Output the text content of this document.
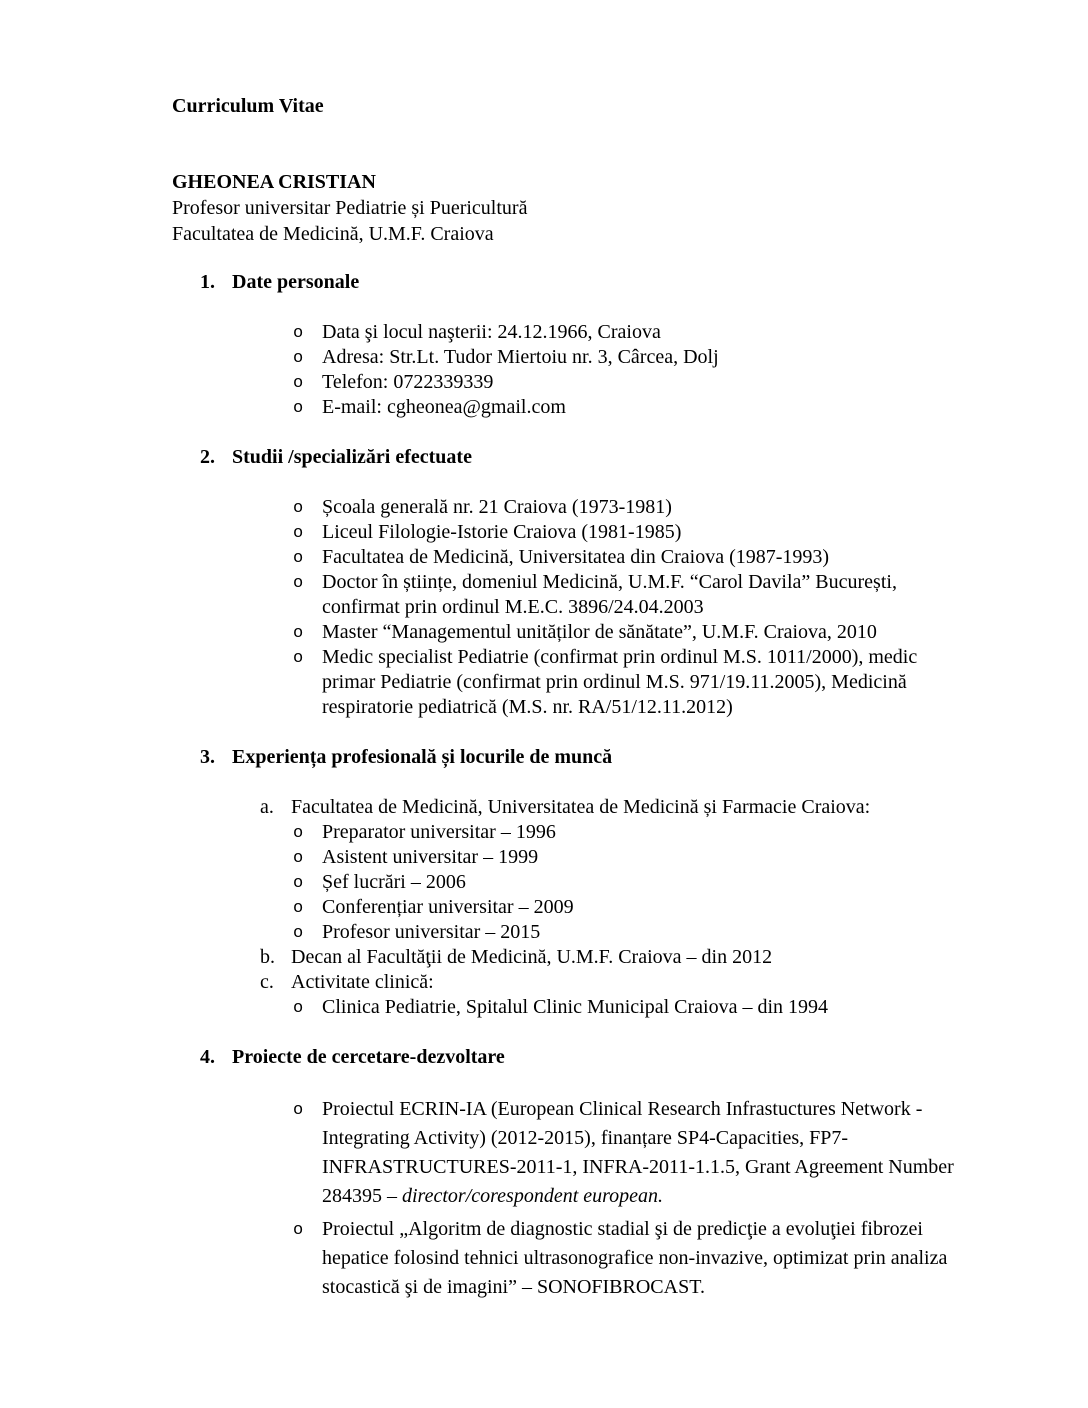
Curriculum Vitae

GHEONEA CRISTIAN

Profesor universitar Pediatrie și Puericultură

Facultatea de Medicină, U.M.F. Craiova

1. Date personale
o Data şi locul naşterii: 24.12.1966, Craiova
o Adresa: Str.Lt. Tudor Miertoiu nr. 3, Cârcea, Dolj
o Telefon: 0722339339
o E-mail: cgheonea@gmail.com
2. Studii /specializări efectuate
o Școala generală nr. 21 Craiova (1973-1981)
o Liceul Filologie-Istorie Craiova (1981-1985)
o Facultatea de Medicină, Universitatea din Craiova (1987-1993)
o Doctor în științe, domeniul Medicină, U.M.F. “Carol Davila” București, confirmat prin ordinul M.E.C. 3896/24.04.2003
o Master “Managementul unităților de sănătate”, U.M.F. Craiova, 2010
o Medic specialist Pediatrie (confirmat prin ordinul M.S. 1011/2000), medic primar Pediatrie (confirmat prin ordinul M.S. 971/19.11.2005), Medicină respiratorie pediatrică (M.S. nr. RA/51/12.11.2012)
3. Experiența profesională și locurile de muncă
a. Facultatea de Medicină, Universitatea de Medicină și Farmacie Craiova:
o Preparator universitar – 1996
o Asistent universitar – 1999
o Șef lucrări – 2006
o Conferențiar universitar – 2009
o Profesor universitar – 2015
b. Decan al Facultăţii de Medicină, U.M.F. Craiova – din 2012
c. Activitate clinică:
o Clinica Pediatrie, Spitalul Clinic Municipal Craiova – din 1994
4. Proiecte de cercetare-dezvoltare
o Proiectul ECRIN-IA (European Clinical Research Infrastuctures Network - Integrating Activity) (2012-2015), finanțare SP4-Capacities, FP7-INFRASTRUCTURES-2011-1, INFRA-2011-1.1.5, Grant Agreement Number 284395 – director/corespondent european.
o Proiectul „Algoritm de diagnostic stadial şi de predicţie a evoluţiei fibrozei hepatice folosind tehnici ultrasonografice non-invazive, optimizat prin analiza stocastică şi de imagini” – SONOFIBROCAST.
